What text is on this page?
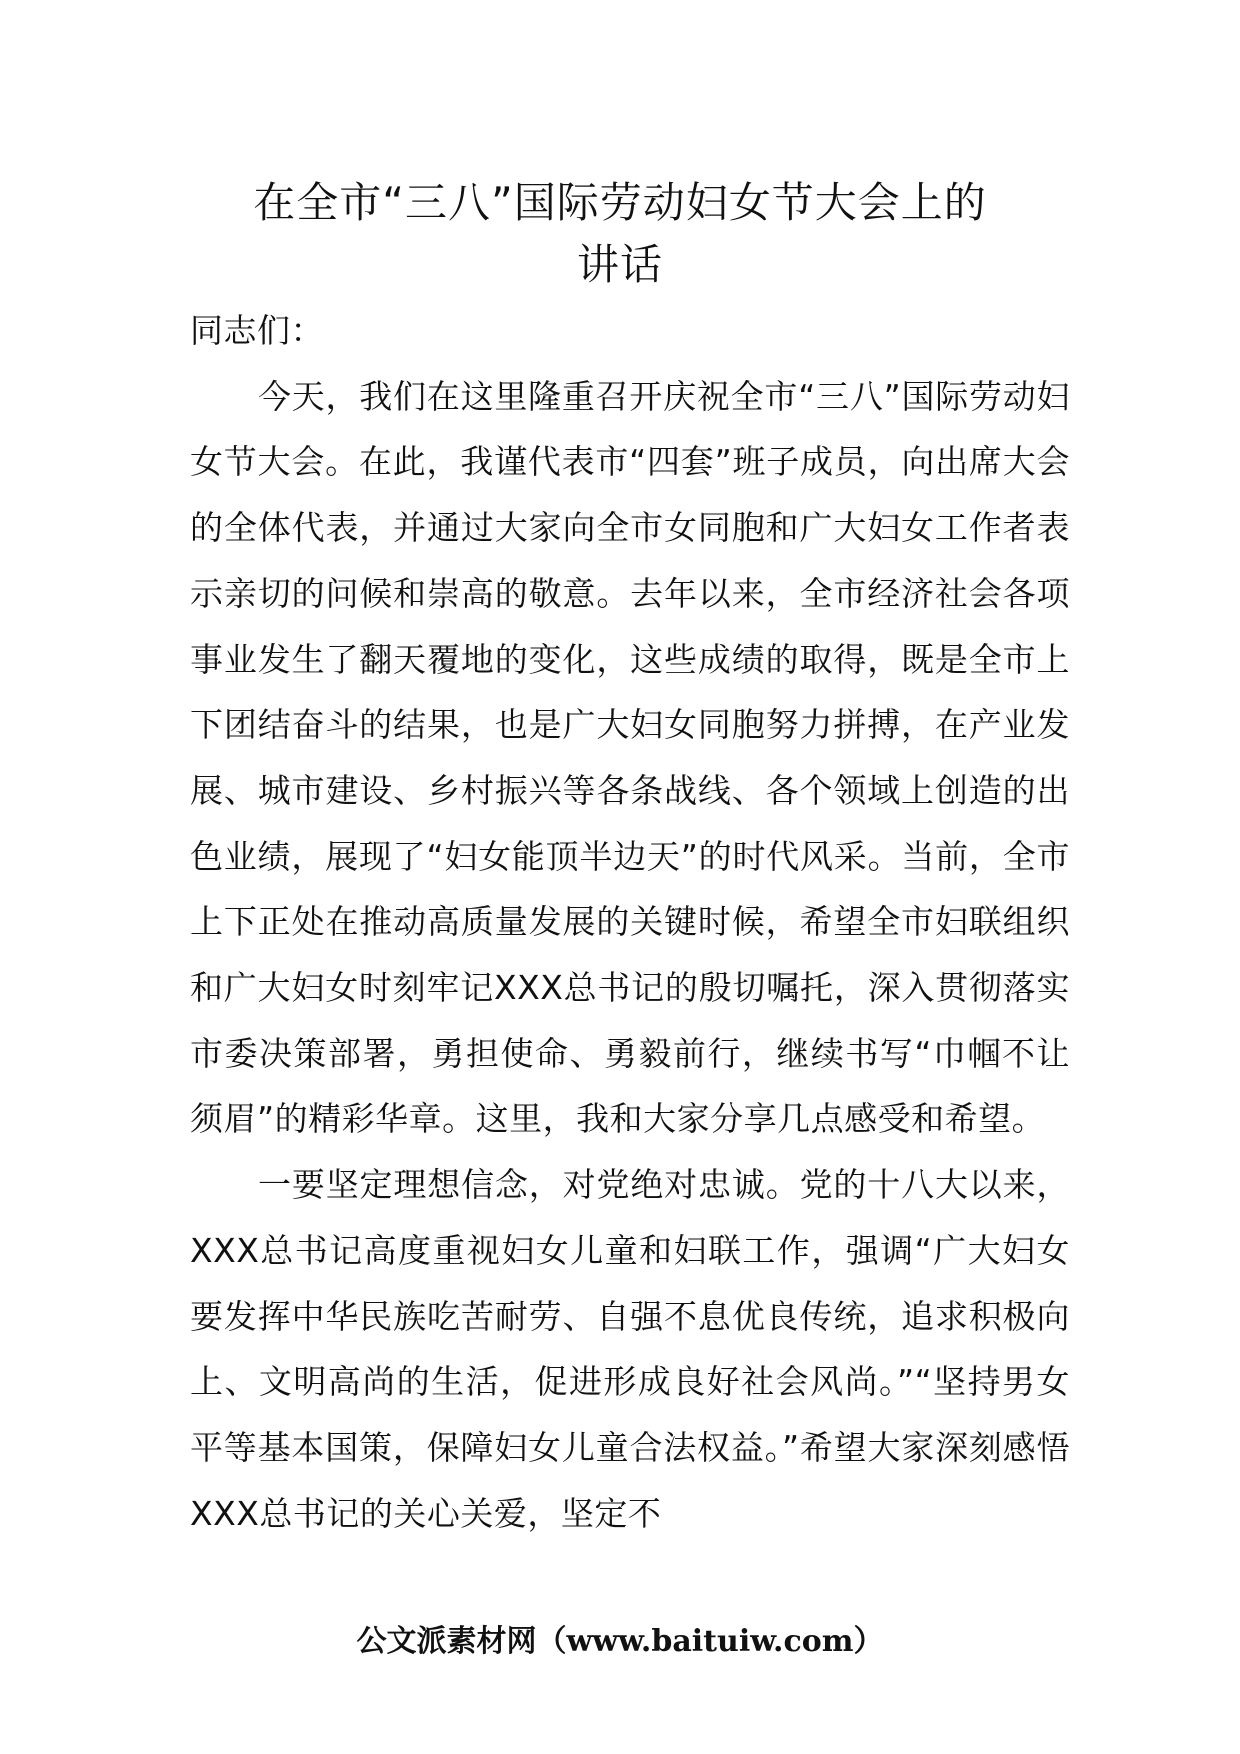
在全市“三八”国际劳动妇女节大会上的
讲话

同志们：

今天，我们在这里隆重召开庆祝全市“三八”国际劳动妇女节大会。在此，我谨代表市“四套”班子成员，向出席大会的全体代表，并通过大家向全市女同胞和广大妇女工作者表示亲切的问候和崇高的敬意。去年以来，全市经济社会各项事业发生了翻天覆地的变化，这些成绩的取得，既是全市上下团结奋斗的结果，也是广大妇女同胞努力拼搏，在产业发展、城市建设、乡村振兴等各条战线、各个领域上创造的出色业绩，展现了“妇女能顶半边天”的时代风采。当前，全市上下正处在推动高质量发展的关键时候，希望全市妇联组织和广大妇女时刻牢记XXX总书记的殷切嘱托，深入贯彻落实市委决策部署，勇担使命、勇毅前行，继续书写“巾帼不让须眉”的精彩华章。这里，我和大家分享几点感受和希望。

一要坚定理想信念，对党绝对忠诚。党的十八大以来，XXX总书记高度重视妇女儿童和妇联工作，强调“广大妇女要发挥中华民族吃苦耐劳、自强不息优良传统，追求积极向上、文明高尚的生活，促进形成良好社会风尚。”“坚持男女平等基本国策，保障妇女儿童合法权益。”希望大家深刻感悟XXX总书记的关心关爱，坚定不

公文派素材网（www.baituiw.com）
